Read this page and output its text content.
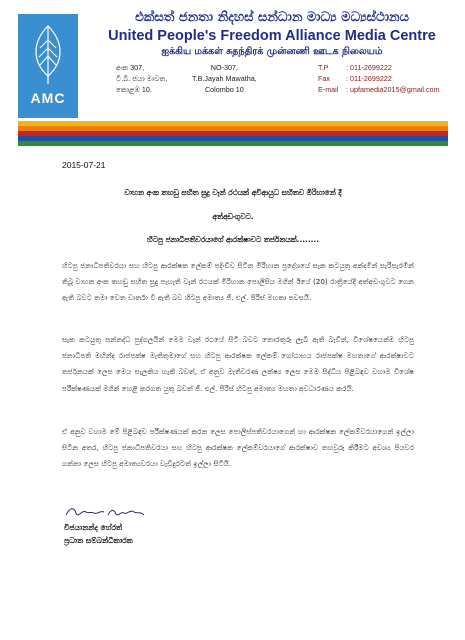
AMC
එක්සත් ජනතා නිදහස් සන්ධාන මාධ්‍ය මධ්‍යස්ථානය
United People's Freedom Alliance Media Centre
ஐக்கிய மக்கள் சுதந்திரக் முன்னணி ஊடக நிலையம்
අංක 307,
ටී.බී. ජයා මාවත,
කොළඹ 10.
NO-307,
T.B.Jayah Mawatha,
Colombo 10
T.P : 011-2699222
Fax : 011-2699222
E-mail : upfamedia2015@gmail.com
2015-07-21
වාහන අංක තහඩු සහිත සුදු වෑන් රථයක් අවිආයුධ සහිතව මිරිහානේ දී
අත්අඩංගුවට.
හිටපු ජනාධිපතිවරයාගේ ආරක්ෂාවට තර්ජනයක්........
හිටපු ජනාධිපතිවරයා සහ හිටපු ආරක්ෂක ලේකම් පදිංචිව සිටින මිරිහාන ප්‍රදේශයේ සැක කටයුතු අන්දමින් සැරිසැරමින් තිබූ වාහන අංක තහඩු සහිත සුදු පැහැති වෑන් රථයක් මිරිහාන පොලිසිය මගින් ඊයේ (20) රාත්‍රියේදී අත්අඩංගුවට ගෙන ඇති බවට තමා වෙත වාර්තා වී ඇති බව හිටපු අමාත්‍ය ජී. එල්. පීරිස් මහතා පවසයි.
සැක කටයුතු සන්නද්ධ පුද්ගලයින් මෙම වෑන් රථයේ සිටි බවට තොරතුරු ලැබී ඇති බැවින්, විශේෂයෙන්ම හිටපු ජනාධිපති මහින්ද රාජපක්ෂ මැතිතුමාගේ සහ හිටපු ආරක්ෂක ලේකම් ගෝඨාභය රාජපක්ෂ මහතාගේ ආරක්ෂාවට තර්ජනයක් ලෙස මෙය සැලකිය හැකි බවත්, ඒ අනුව මැතිවරණ ලක්ෂ්‍ය ලෙස මෙම සිද්ධිය පිළිබඳව වහාම විශේෂ පරීක්ෂණයක් මගින් හෙළි කරගත යුතු බවත් ජී. එල්. පීරිස් හිටපු අමාත්‍ය මහතා අවධාරණය කරයි.
ඒ අනුව වහාම මේ පිළිබඳව පරීක්ෂණයක් කරන ලෙස පොලිස්පතිවරයාගෙන් හා ආරක්ෂක ලේකම්වරයාගෙන් ඉල්ලා සිටින අතර, හිටපු ජනාධිපතිවරයා සහ හිටපු ආරක්ෂක ලේකම්වරයාගේ ආරක්ෂාව තහවුරු කිරීමට අවශ්‍ය පියවර ගන්නා ලෙස හිටපු අමාත්‍යවරයා වැඩිදුරටත් ඉල්ලා සිටියි.
විජයානන්ද හේරත්
ප්‍රධාන සම්බන්ධීකාරක
